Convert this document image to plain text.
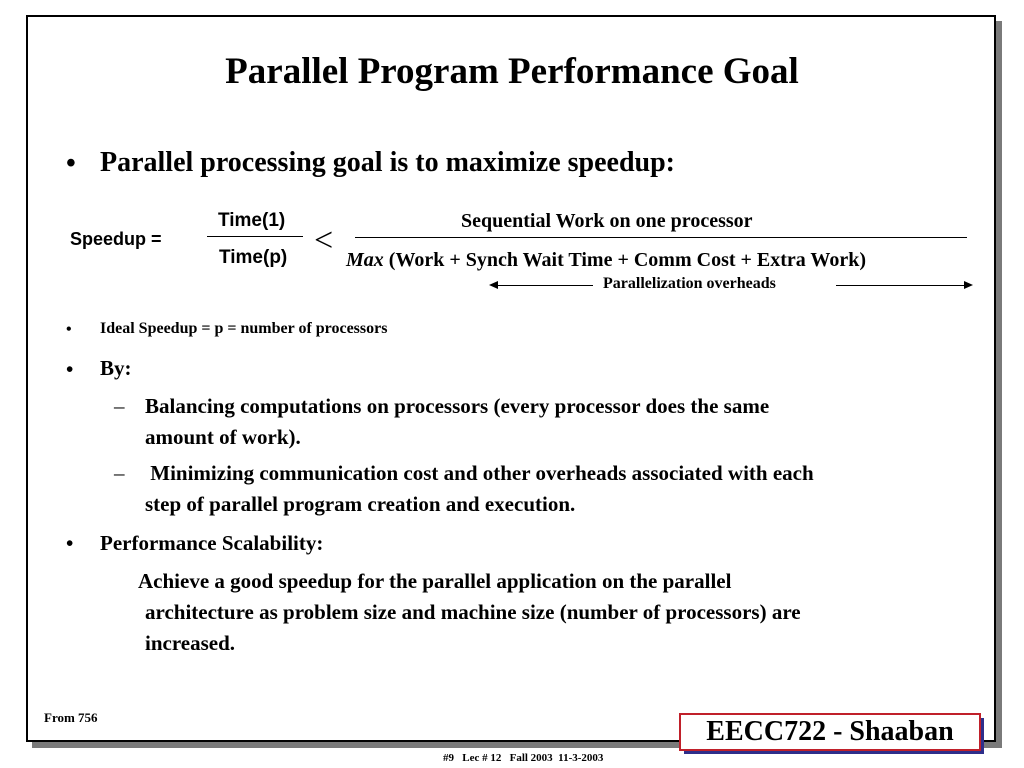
Parallel Program Performance Goal
• Parallel processing goal is to maximize speedup:
Speedup =
Time(1)
Time(p) <
Sequential Work on one processor
Max (Work + Synch Wait Time + Comm Cost + Extra Work)
Parallelization overheads
• Ideal Speedup = p = number of processors
• By:
– Balancing computations on processors (every processor does the same
amount of work).
– Minimizing communication cost and other overheads associated with each
step of parallel program creation and execution.
• Performance Scalability:
Achieve a good speedup for the parallel application on the parallel
architecture as problem size and machine size (number of processors) are
increased.
From 756	EECC722 - Shaaban
#9   Lec # 12   Fall 2003  11-3-2003
